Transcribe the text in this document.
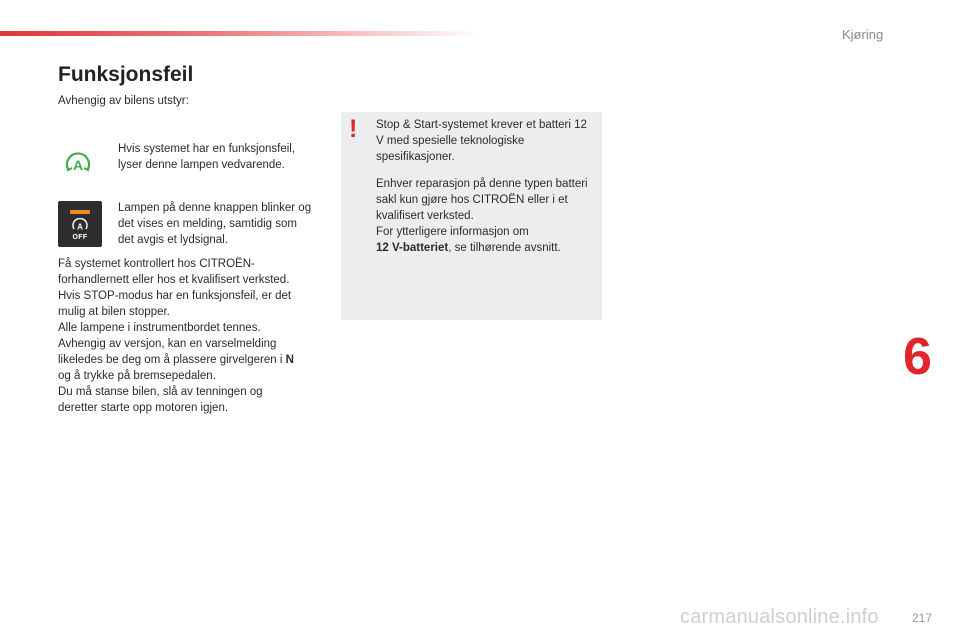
Kjøring
Funksjonsfeil
Avhengig av bilens utstyr:
A
Hvis systemet har en funksjonsfeil, lyser denne lampen vedvarende.
A
OFF
Lampen på denne knappen blinker og det vises en melding, samtidig som det avgis et lydsignal.

Få systemet kontrollert hos CITROËN-

forhandlernett eller hos et kvalifisert verksted.

Hvis STOP-modus har en funksjonsfeil, er det

mulig at bilen stopper.

Alle lampene i instrumentbordet tennes.

Avhengig av versjon, kan en varselmelding

likeledes be deg om å plassere girvelgeren i N

og å trykke på bremsepedalen.

Du må stanse bilen, slå av tenningen og

deretter starte opp motoren igjen.

! Stop & Start-systemet krever et batteri 12 V med spesielle teknologiske spesifikasjoner.

Enhver reparasjon på denne typen batteri sakl kun gjøre hos CITROËN eller i et kvalifisert verksted.

For ytterligere informasjon om

12 V-batteriet, se tilhørende avsnitt.

6
carmanualsonline.info	217
